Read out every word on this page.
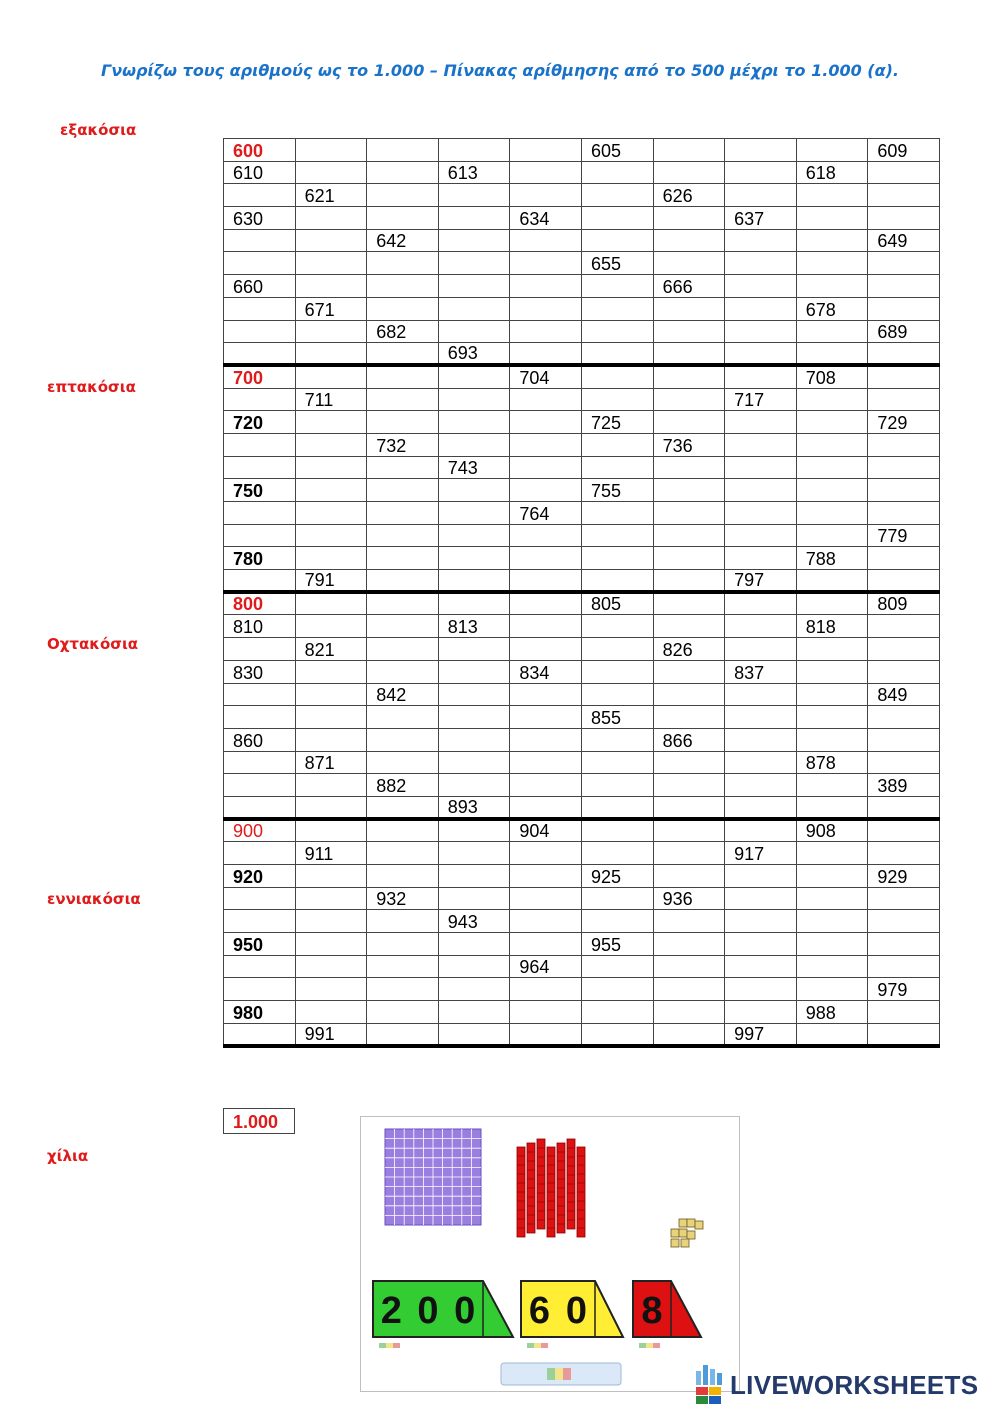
Γνωρίζω τους αριθμούς ως το 1.000 – Πίνακας αρίθμησης από το 500 μέχρι το 1.000 (α).
εξακόσια
επτακόσια
Οχτακόσια
εννιακόσια
χίλια
600					605				609
610			613					618	
	621					626			
630				634			637		
		642							649
					655				
660						666			
	671							678	
		682							689
			693						
700				704				708	
	711						717		
720					725				729
		732				736			
			743						
750					755				
				764					
									779
780								788	
	791						797		
800					805				809
810			813					818	
	821					826			
830				834			837		
		842							849
					855				
860						866			
	871							878	
		882							389
			893						
900				904				908	
	911						917		
920					925				929
		932				936			
			943						
950					955				
				964					
									979
980								988	
	991						997		
1.000
2 0 0 6 0 8
LIVEWORKSHEETS
